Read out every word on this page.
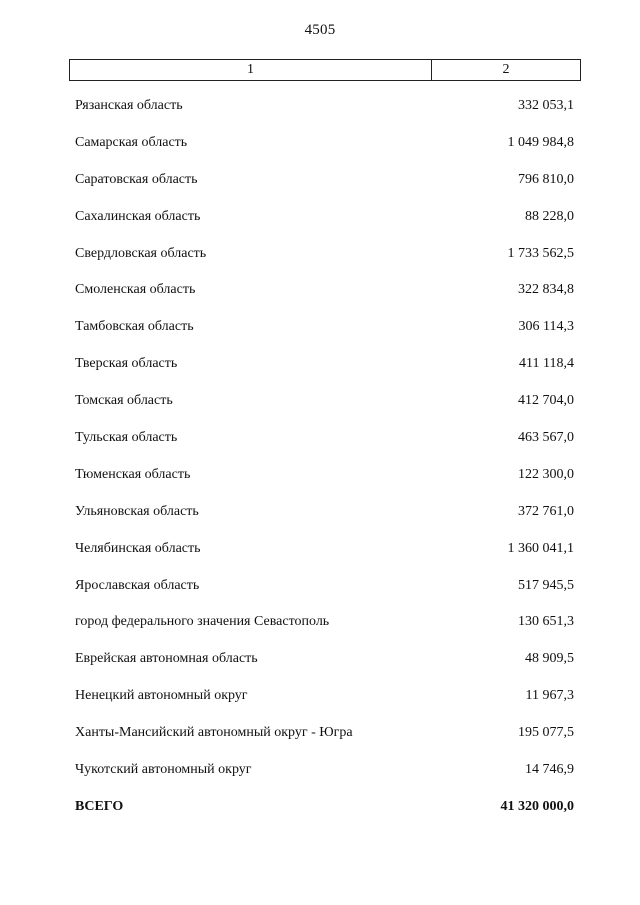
4505
1	2
Рязанская область	332 053,1
Самарская область	1 049 984,8
Саратовская область	796 810,0
Сахалинская область	88 228,0
Свердловская область	1 733 562,5
Смоленская область	322 834,8
Тамбовская область	306 114,3
Тверская область	411 118,4
Томская область	412 704,0
Тульская область	463 567,0
Тюменская область	122 300,0
Ульяновская область	372 761,0
Челябинская область	1 360 041,1
Ярославская область	517 945,5
город федерального значения Севастополь	130 651,3
Еврейская автономная область	48 909,5
Ненецкий автономный округ	11 967,3
Ханты-Мансийский автономный округ - Югра	195 077,5
Чукотский автономный округ	14 746,9
ВСЕГО	41 320 000,0
